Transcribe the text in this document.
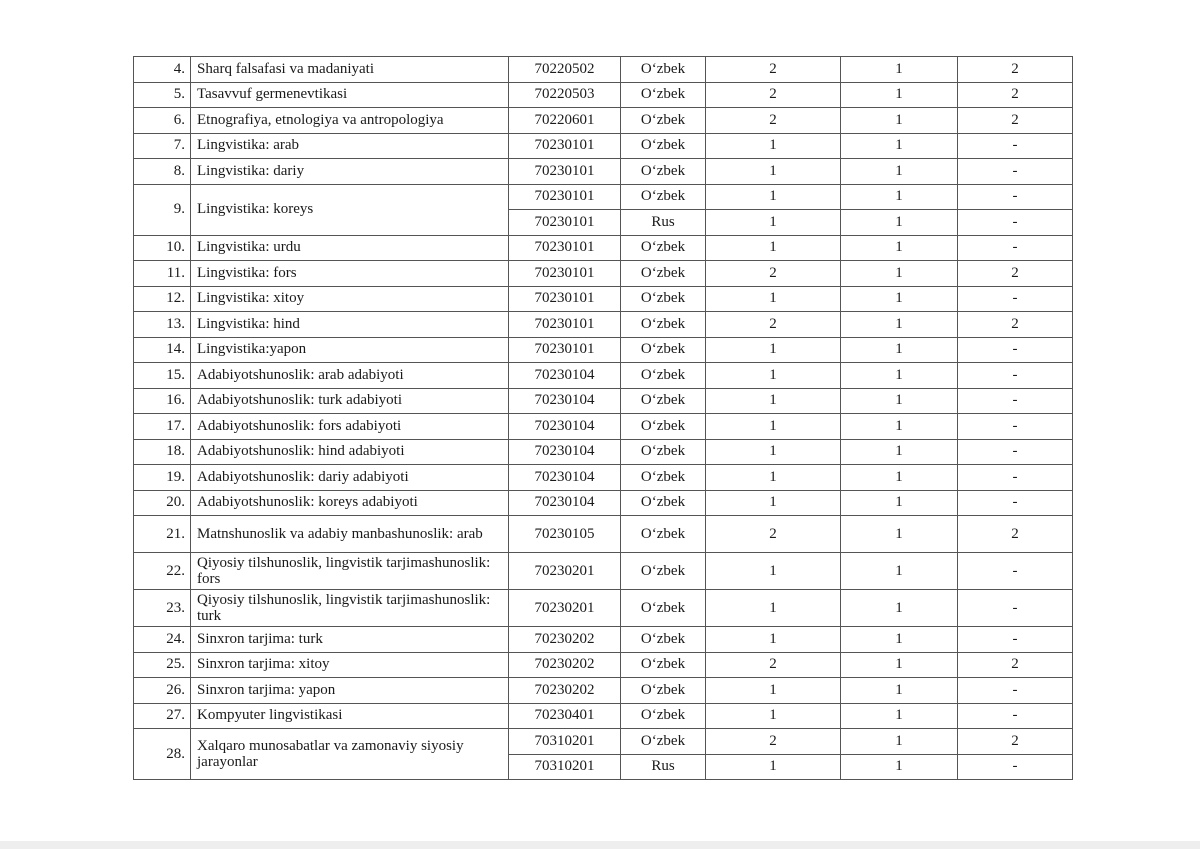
4.	Sharq falsafasi va madaniyati	70220502	O‘zbek	2	1	2
5.	Tasavvuf germenevtikasi	70220503	O‘zbek	2	1	2
6.	Etnografiya, etnologiya va antropologiya	70220601	O‘zbek	2	1	2
7.	Lingvistika: arab	70230101	O‘zbek	1	1	-
8.	Lingvistika: dariy	70230101	O‘zbek	1	1	-
9.	Lingvistika: koreys	70230101	O‘zbek	1	1	-
		70230101	Rus	1	1	-
10.	Lingvistika: urdu	70230101	O‘zbek	1	1	-
11.	Lingvistika: fors	70230101	O‘zbek	2	1	2
12.	Lingvistika: xitoy	70230101	O‘zbek	1	1	-
13.	Lingvistika: hind	70230101	O‘zbek	2	1	2
14.	Lingvistika:yapon	70230101	O‘zbek	1	1	-
15.	Adabiyotshunoslik: arab adabiyoti	70230104	O‘zbek	1	1	-
16.	Adabiyotshunoslik: turk adabiyoti	70230104	O‘zbek	1	1	-
17.	Adabiyotshunoslik: fors adabiyoti	70230104	O‘zbek	1	1	-
18.	Adabiyotshunoslik: hind adabiyoti	70230104	O‘zbek	1	1	-
19.	Adabiyotshunoslik: dariy adabiyoti	70230104	O‘zbek	1	1	-
20.	Adabiyotshunoslik: koreys adabiyoti	70230104	O‘zbek	1	1	-
21.	Matnshunoslik va adabiy manbashunoslik: arab	70230105	O‘zbek	2	1	2
22.	Qiyosiy tilshunoslik, lingvistik tarjimashunoslik: fors	70230201	O‘zbek	1	1	-
23.	Qiyosiy tilshunoslik, lingvistik tarjimashunoslik: turk	70230201	O‘zbek	1	1	-
24.	Sinxron tarjima: turk	70230202	O‘zbek	1	1	-
25.	Sinxron tarjima: xitoy	70230202	O‘zbek	2	1	2
26.	Sinxron tarjima: yapon	70230202	O‘zbek	1	1	-
27.	Kompyuter lingvistikasi	70230401	O‘zbek	1	1	-
28.	Xalqaro munosabatlar va zamonaviy siyosiy jarayonlar	70310201	O‘zbek	2	1	2
		70310201	Rus	1	1	-
